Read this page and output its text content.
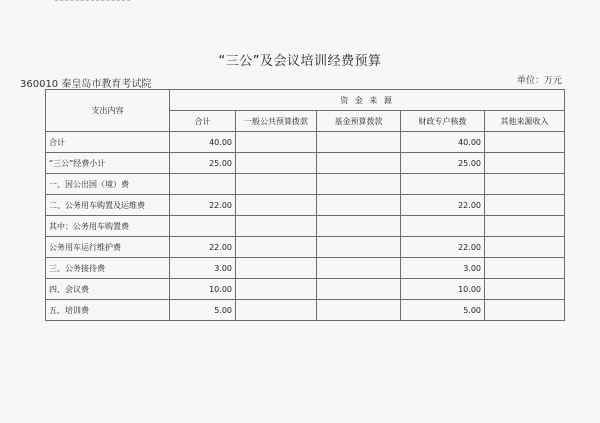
“三公”及会议培训经费预算
360010 秦皇岛市教育考试院	单位：万元
支出内容	资 金 来 源				
	合计	一般公共预算拨款	基金预算拨款	财政专户核拨	其他来源收入
合计	40.00			40.00	
“三公”经费小计	25.00			25.00	
一、因公出国（境）费					
二、公务用车购置及运维费	22.00			22.00	
其中：公务用车购置费					
公务用车运行维护费	22.00			22.00	
三、公务接待费	3.00			3.00	
四、会议费	10.00			10.00	
五、培训费	5.00			5.00	
